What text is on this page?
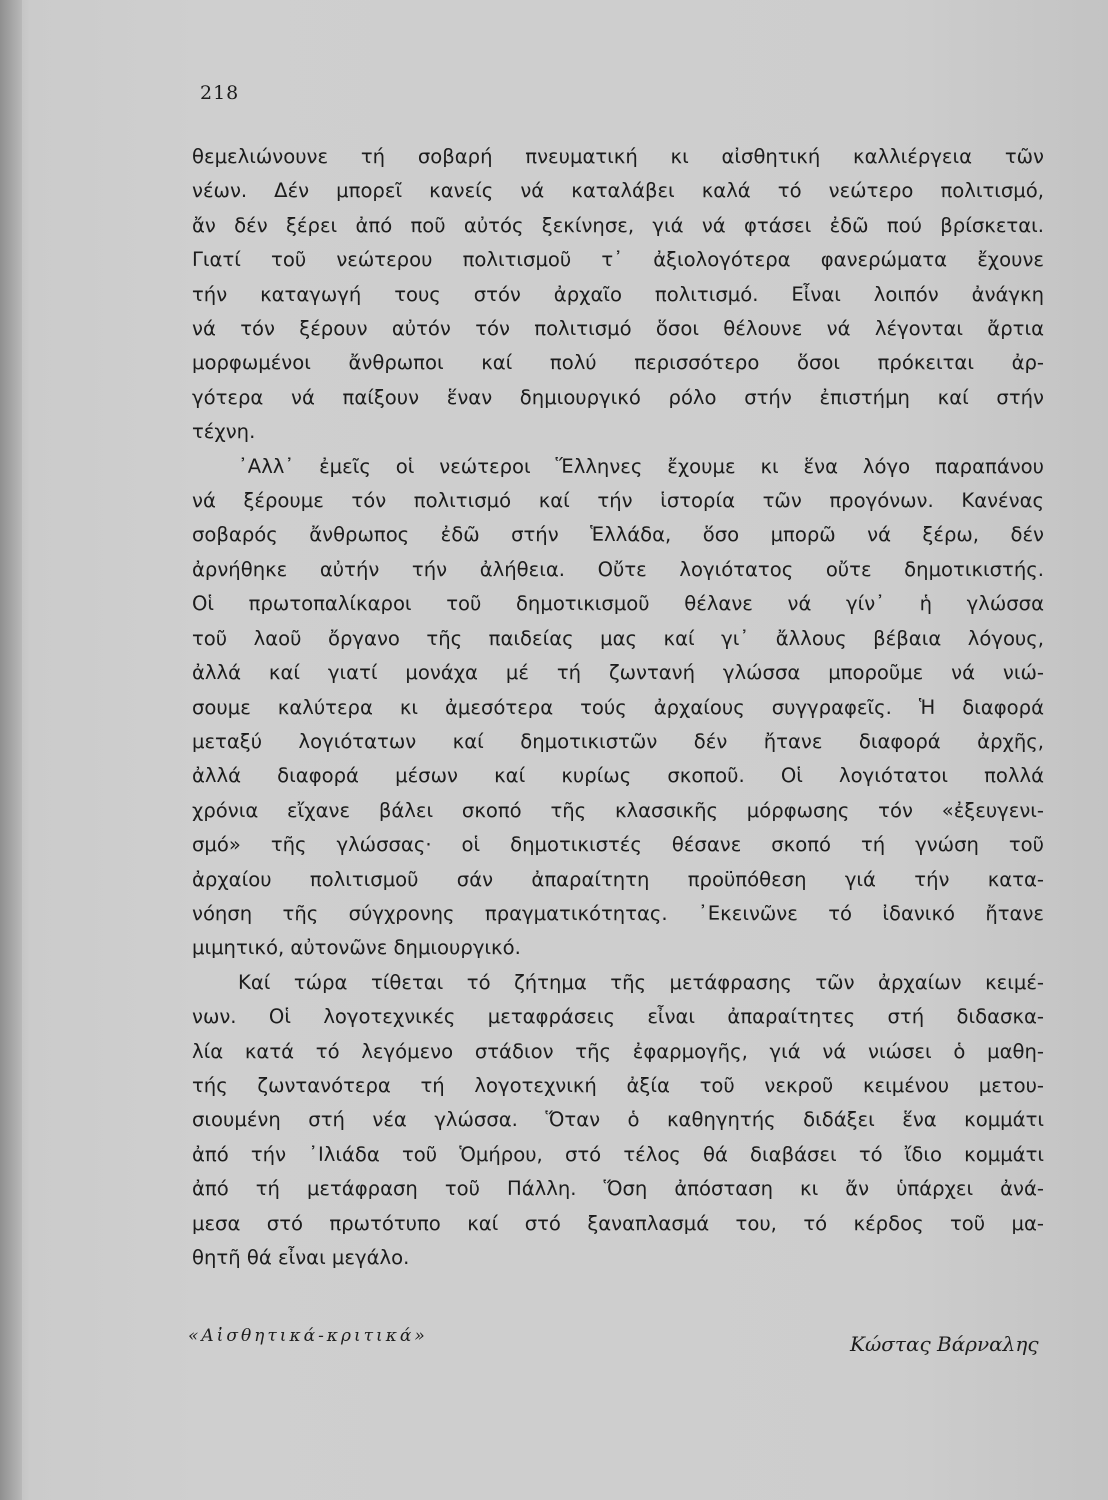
218
θεμελιώνουνε τή σοβαρή πνευματική κι αἰσθητική καλλιέργεια τῶν
νέων. Δέν μπορεῖ κανείς νά καταλάβει καλά τό νεώτερο πολιτισμό,
ἄν δέν ξέρει ἀπό ποῦ αὐτός ξεκίνησε, γιά νά φτάσει ἐδῶ πού βρίσκεται.
Γιατί τοῦ νεώτερου πολιτισμοῦ τ᾽ ἀξιολογότερα φανερώματα ἔχουνε
τήν καταγωγή τους στόν ἀρχαῖο πολιτισμό. Εἶναι λοιπόν ἀνάγκη
νά τόν ξέρουν αὐτόν τόν πολιτισμό ὅσοι θέλουνε νά λέγονται ἄρτια
μορφωμένοι ἄνθρωποι καί πολύ περισσότερο ὅσοι πρόκειται ἀρ-
γότερα νά παίξουν ἕναν δημιουργικό ρόλο στήν ἐπιστήμη καί στήν
τέχνη.
᾽Αλλ᾽ ἐμεῖς οἱ νεώτεροι Ἕλληνες ἔχουμε κι ἕνα λόγο παραπάνου
νά ξέρουμε τόν πολιτισμό καί τήν ἱστορία τῶν προγόνων. Κανένας
σοβαρός ἄνθρωπος ἐδῶ στήν Ἑλλάδα, ὅσο μπορῶ νά ξέρω, δέν
ἀρνήθηκε αὐτήν τήν ἀλήθεια. Οὔτε λογιότατος οὔτε δημοτικιστής.
Οἱ πρωτοπαλίκαροι τοῦ δημοτικισμοῦ θέλανε νά γίν᾽ ἡ γλώσσα
τοῦ λαοῦ ὄργανο τῆς παιδείας μας καί γι᾽ ἄλλους βέβαια λόγους,
ἀλλά καί γιατί μονάχα μέ τή ζωντανή γλώσσα μποροῦμε νά νιώ-
σουμε καλύτερα κι ἀμεσότερα τούς ἀρχαίους συγγραφεῖς. Ἡ διαφορά
μεταξύ λογιότατων καί δημοτικιστῶν δέν ἤτανε διαφορά ἀρχῆς,
ἀλλά διαφορά μέσων καί κυρίως σκοποῦ. Οἱ λογιότατοι πολλά
χρόνια εἴχανε βάλει σκοπό τῆς κλασσικῆς μόρφωσης τόν «ἐξευγενι-
σμό» τῆς γλώσσας· οἱ δημοτικιστές θέσανε σκοπό τή γνώση τοῦ
ἀρχαίου πολιτισμοῦ σάν ἀπαραίτητη προϋπόθεση γιά τήν κατα-
νόηση τῆς σύγχρονης πραγματικότητας. ᾽Εκεινῶνε τό ἰδανικό ἤτανε
μιμητικό, αὐτονῶνε δημιουργικό.
Καί τώρα τίθεται τό ζήτημα τῆς μετάφρασης τῶν ἀρχαίων κειμέ-
νων. Οἱ λογοτεχνικές μεταφράσεις εἶναι ἀπαραίτητες στή διδασκα-
λία κατά τό λεγόμενο στάδιον τῆς ἐφαρμογῆς, γιά νά νιώσει ὁ μαθη-
τής ζωντανότερα τή λογοτεχνική ἀξία τοῦ νεκροῦ κειμένου μετου-
σιουμένη στή νέα γλώσσα. Ὅταν ὁ καθηγητής διδάξει ἕνα κομμάτι
ἀπό τήν ᾽Ιλιάδα τοῦ Ὁμήρου, στό τέλος θά διαβάσει τό ἴδιο κομμάτι
ἀπό τή μετάφραση τοῦ Πάλλη. Ὅση ἀπόσταση κι ἄν ὑπάρχει ἀνά-
μεσα στό πρωτότυπο καί στό ξαναπλασμά του, τό κέρδος τοῦ μα-
θητῆ θά εἶναι μεγάλο.
«Αἰσθητικά-κριτικά»	Κώστας Βάρναλης
